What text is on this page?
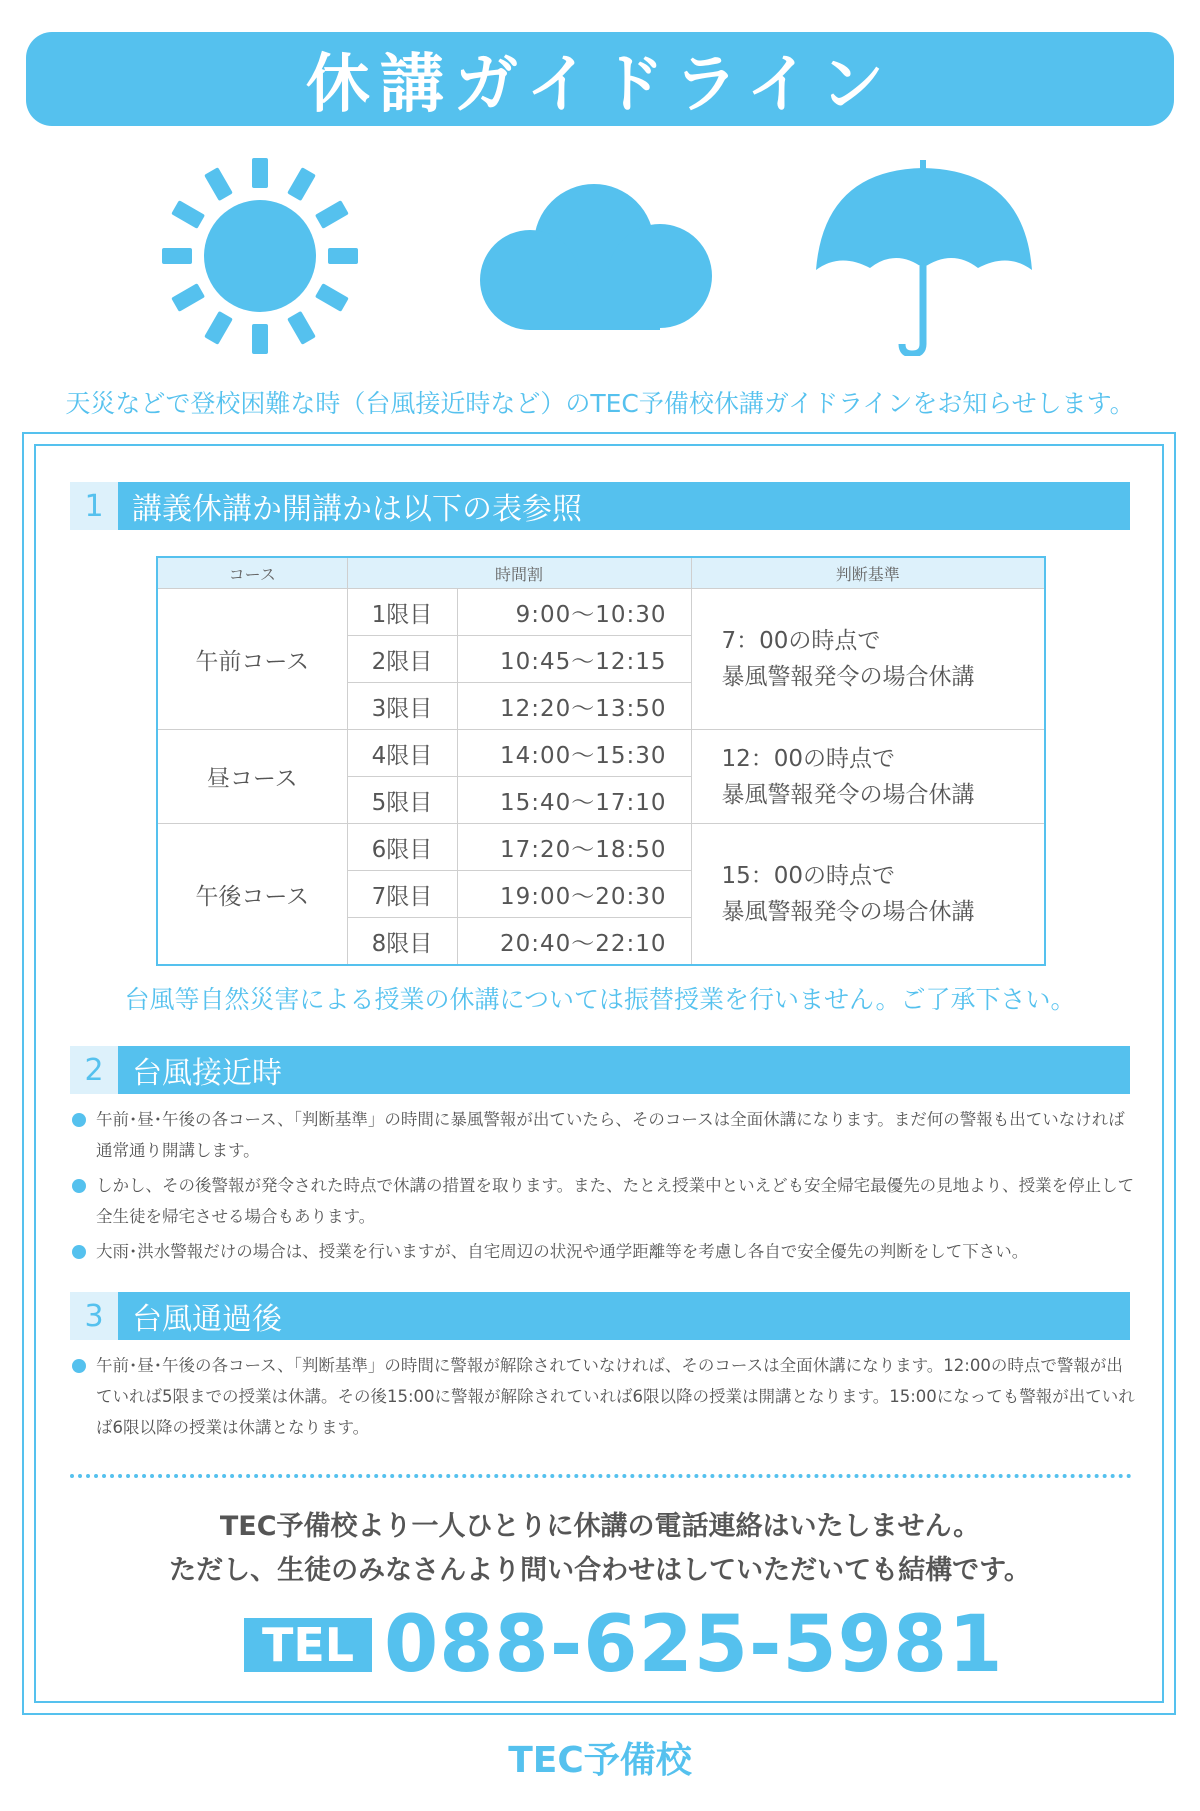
休講ガイドライン
天災などで登校困難な時（台風接近時など）のTEC予備校休講ガイドラインをお知らせします。
1 講義休講か開講かは以下の表参照
コース	時間割		判断基準
午前コース	1限目	9:00～10:30	7：00の時点で
暴風警報発令の場合休講
	2限目	10:45～12:15	
	3限目	12:20～13:50	
昼コース	4限目	14:00～15:30	12：00の時点で
暴風警報発令の場合休講
	5限目	15:40～17:10	
午後コース	6限目	17:20～18:50	15：00の時点で
暴風警報発令の場合休講
	7限目	19:00～20:30	
	8限目	20:40～22:10	
台風等自然災害による授業の休講については振替授業を行いません。ご了承下さい。
2 台風接近時
午前･昼･午後の各コース、「判断基準」の時間に暴風警報が出ていたら、そのコースは全面休講になります。まだ何の警報も出ていなければ通常通り開講します。
しかし、その後警報が発令された時点で休講の措置を取ります。また、たとえ授業中といえども安全帰宅最優先の見地より、授業を停止して全生徒を帰宅させる場合もあります。
大雨･洪水警報だけの場合は、授業を行いますが、自宅周辺の状況や通学距離等を考慮し各自で安全優先の判断をして下さい。
3 台風通過後
午前･昼･午後の各コース、「判断基準」の時間に警報が解除されていなければ、そのコースは全面休講になります。12:00の時点で警報が出ていれば5限までの授業は休講。その後15:00に警報が解除されていれば6限以降の授業は開講となります。15:00になっても警報が出ていれば6限以降の授業は休講となります。
TEC予備校より一人ひとりに休講の電話連絡はいたしません。
ただし、生徒のみなさんより問い合わせはしていただいても結構です。
TEL 088-625-5981
TEC予備校
